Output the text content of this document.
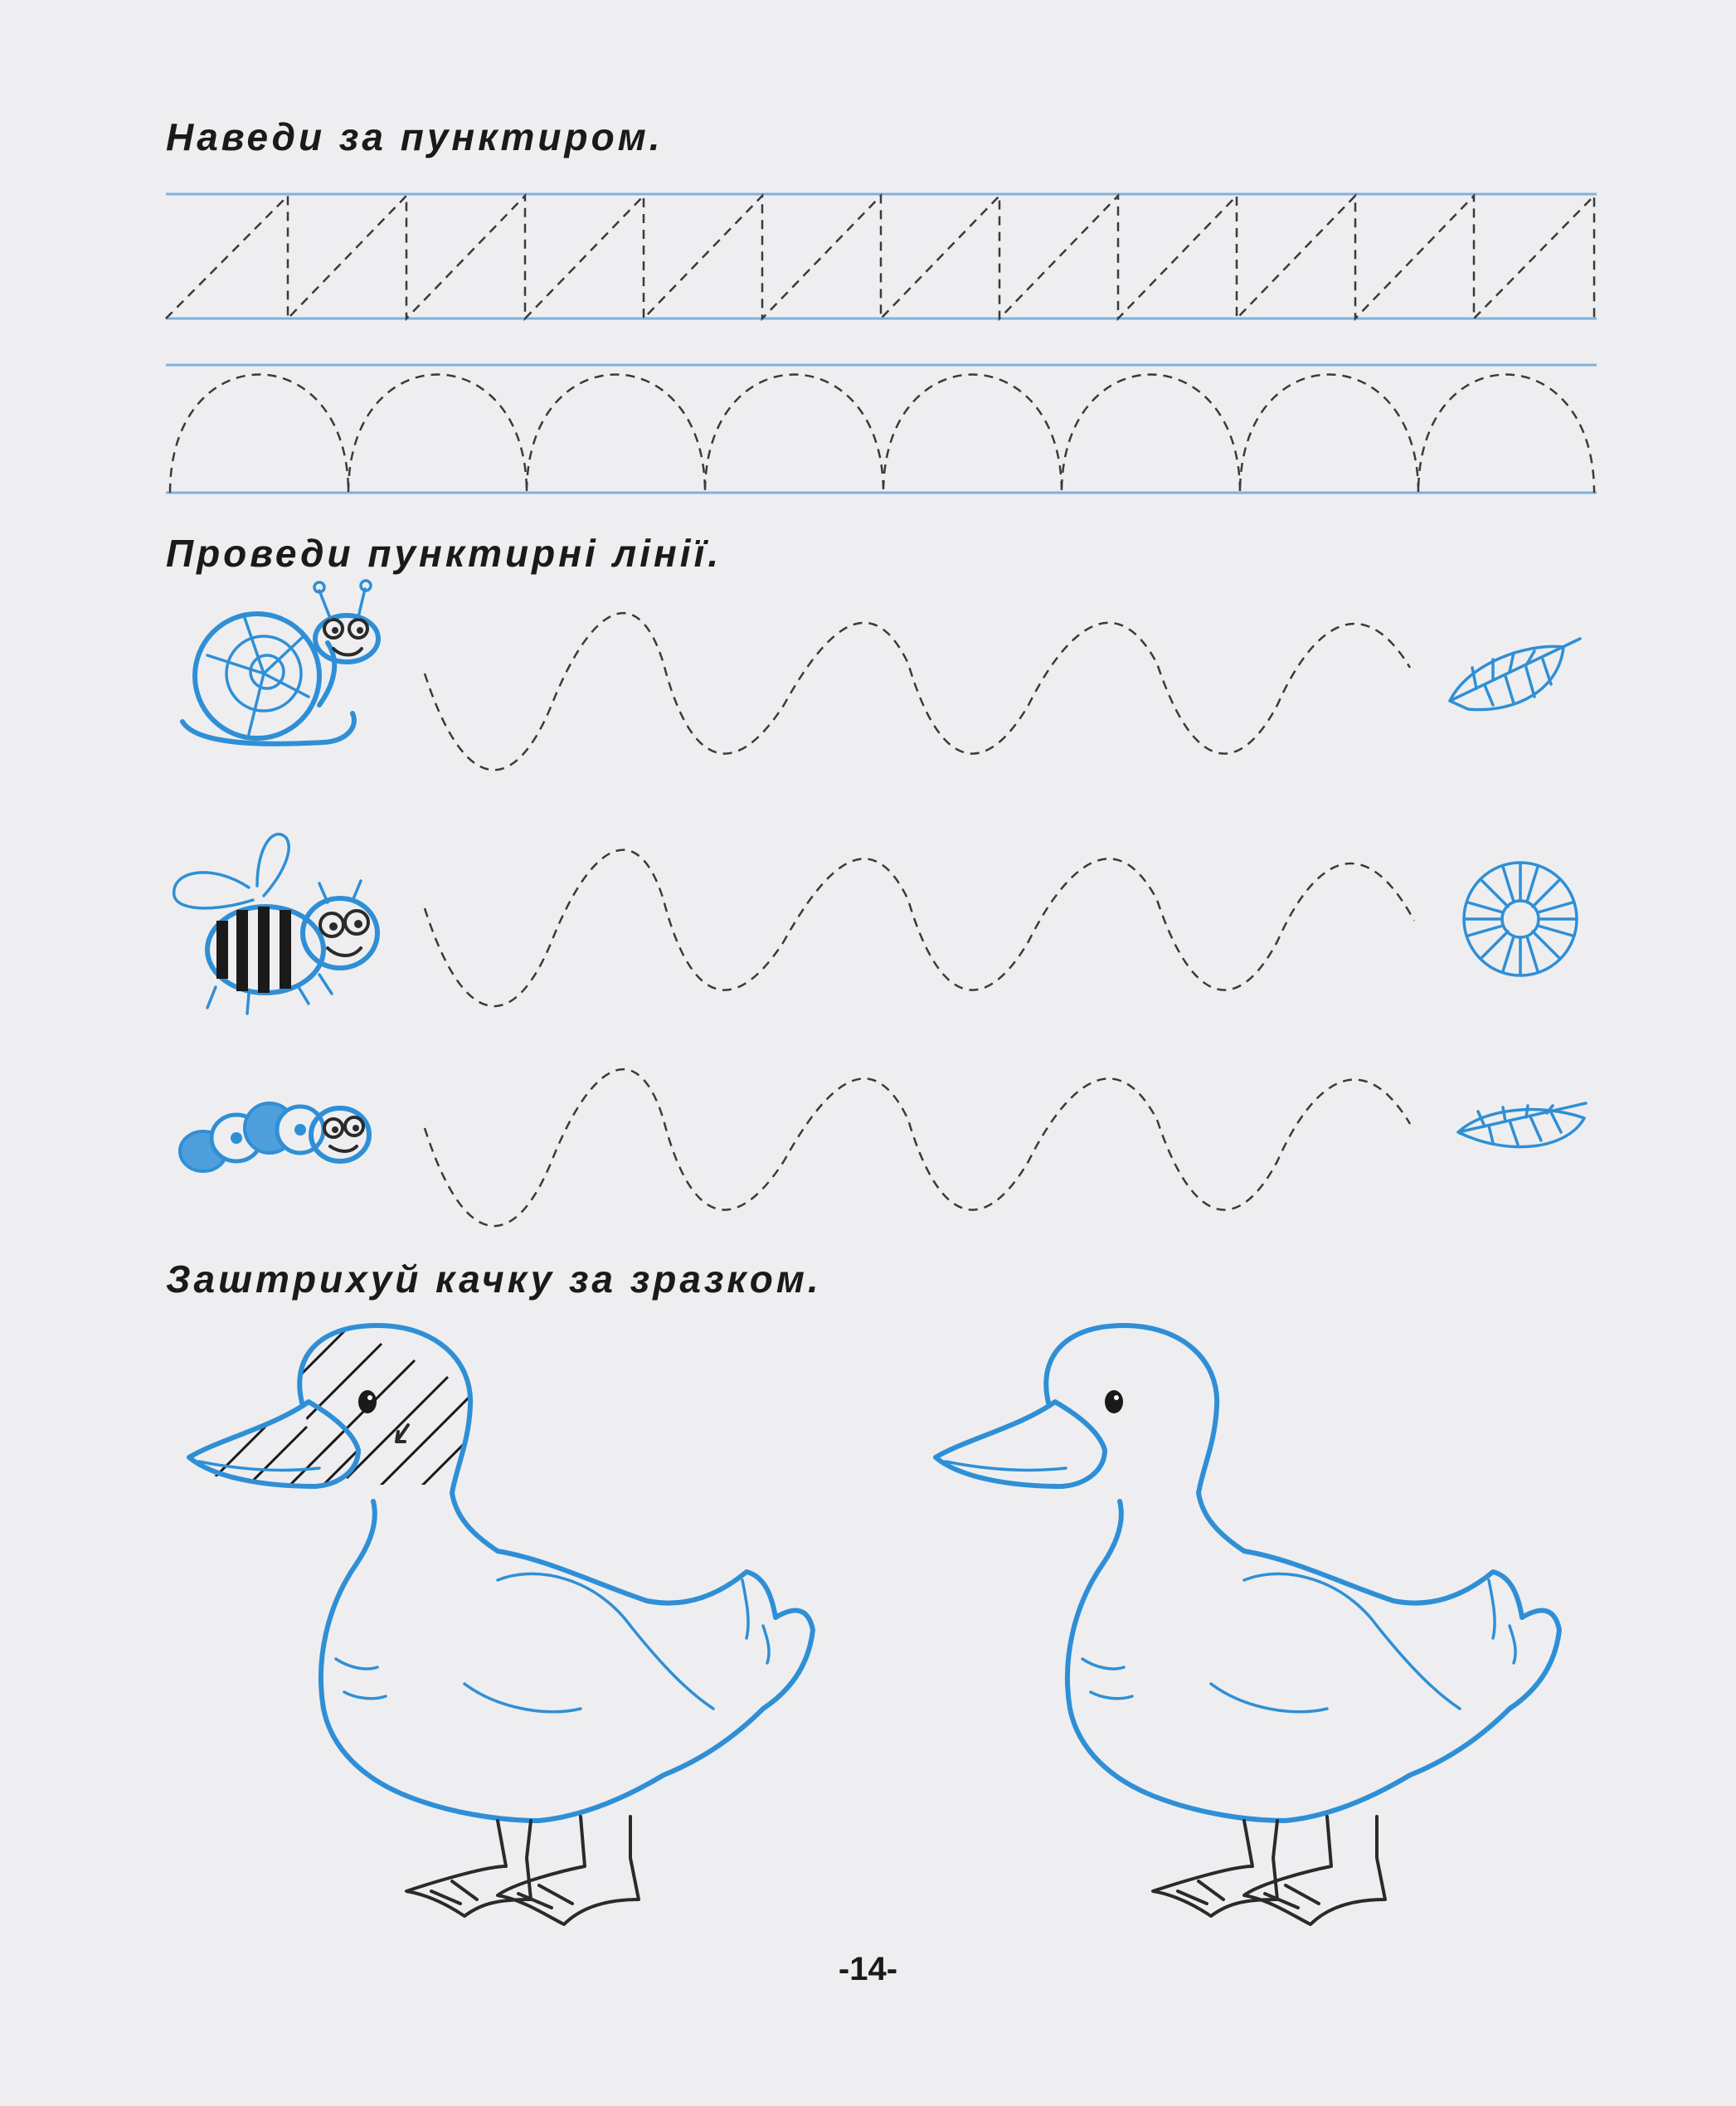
Наведи за пунктиром.
Проведи пунктирні лінії.
Заштрихуй качку за зразком.
-14-
